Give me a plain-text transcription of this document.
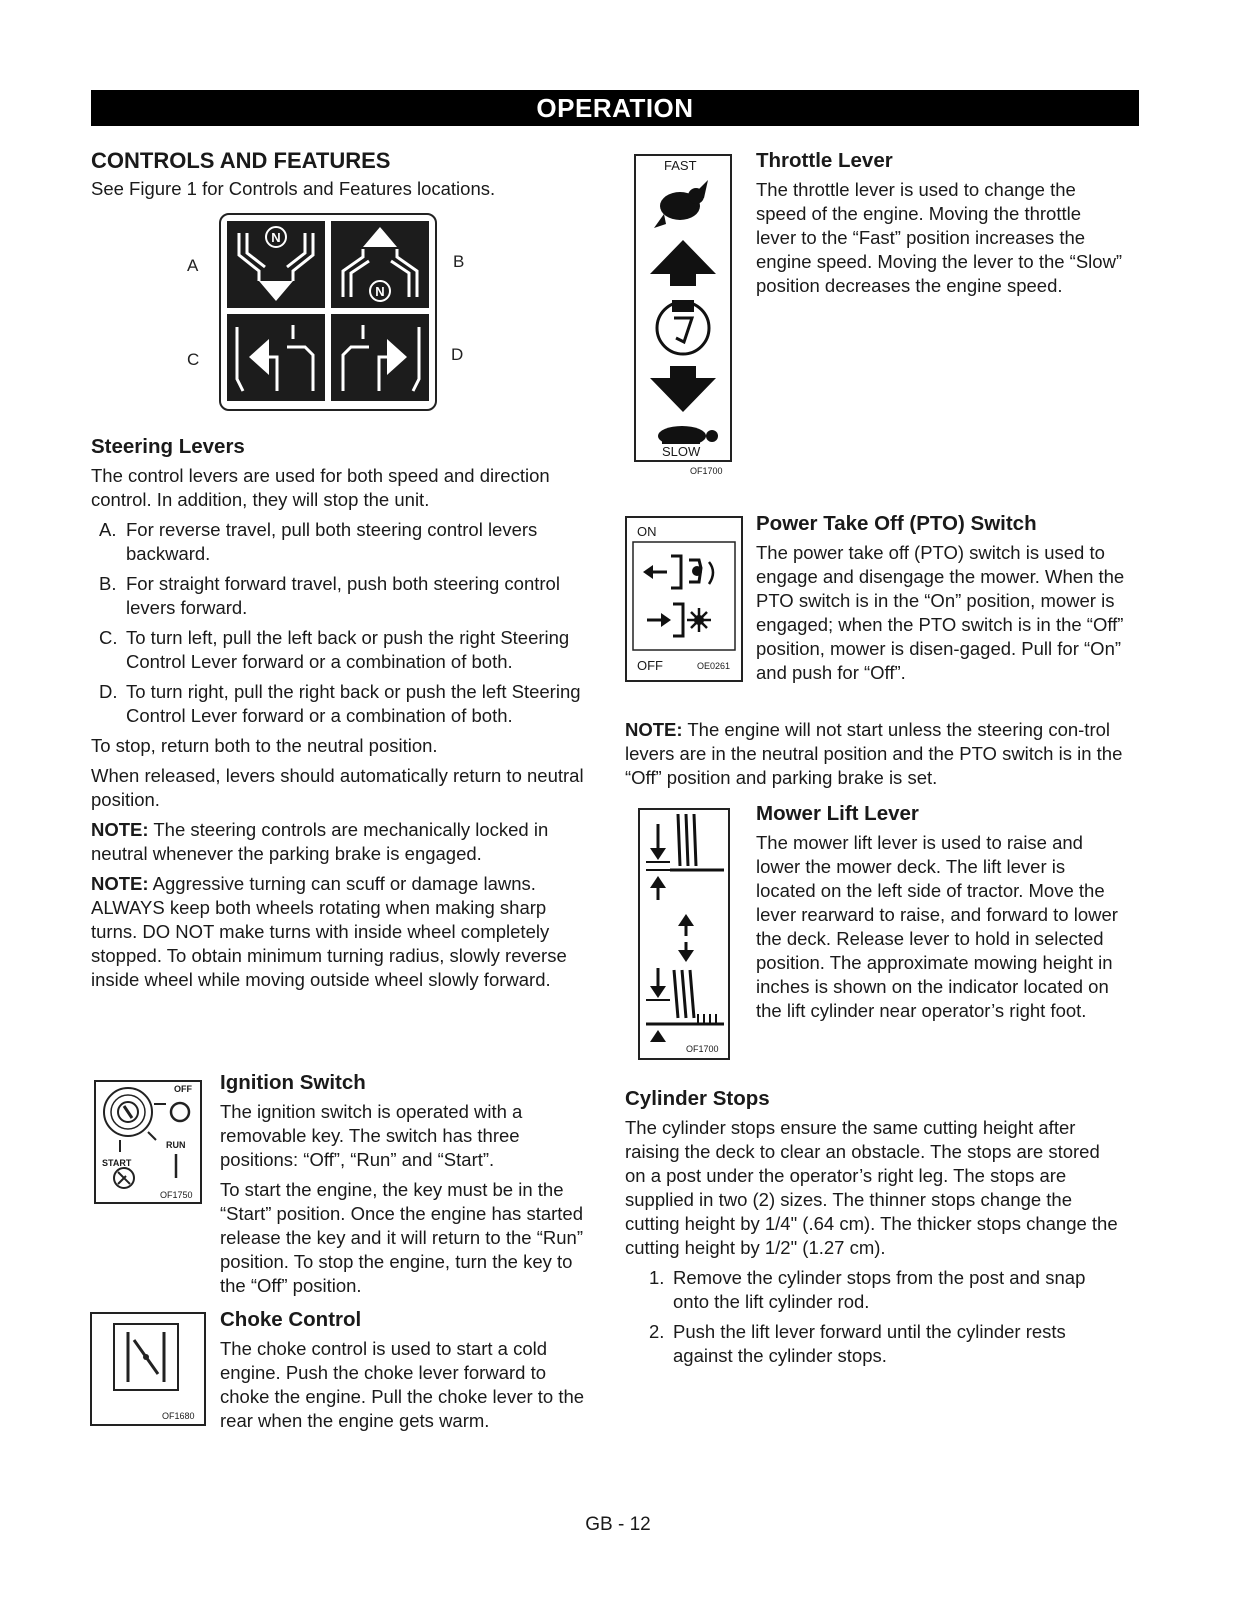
OPERATION
CONTROLS AND FEATURES
See Figure 1 for Controls and Features locations.
A	B
C	D
N
N
Steering Levers
The control levers are used for both speed and direction control. In addition, they will stop the unit.
A. For reverse travel, pull both steering control levers backward.
B. For straight forward travel, push both steering control levers forward.
C. To turn left, pull the left back or push the right Steering Control Lever forward or a combination of both.
D. To turn right, pull the right back or push the left Steering Control Lever forward or a combination of both.
To stop, return both to the neutral position.
When released, levers should automatically return to neutral position.
NOTE: The steering controls are mechanically locked in neutral whenever the parking brake is engaged.
NOTE: Aggressive turning can scuff or damage lawns. ALWAYS keep both wheels rotating when making sharp turns. DO NOT make turns with inside wheel completely stopped. To obtain minimum turning radius, slowly reverse inside wheel while moving outside wheel slowly forward.
OFF
RUN
START
OF1750
Ignition Switch
The ignition switch is operated with a removable key. The switch has three positions: “Off”, “Run” and “Start”.
To start the engine, the key must be in the “Start” position. Once the engine has started release the key and it will return to the “Run” position. To stop the engine, turn the key to the “Off” position.
OF1680
Choke Control
The choke control is used to start a cold engine. Push the choke lever forward to choke the engine. Pull the choke lever to the rear when the engine gets warm.
FAST
SLOW
OF1700
Throttle Lever
The throttle lever is used to change the speed of the engine. Moving the throttle lever to the “Fast” position increases the engine speed. Moving the lever to the “Slow” position decreases the engine speed.
ON
OFF	OE0261
Power Take Off (PTO) Switch
The power take off (PTO) switch is used to engage and disengage the mower. When the PTO switch is in the “On” position, mower is engaged; when the PTO switch is in the “Off” position, mower is disen-gaged. Pull for “On” and push for “Off”.
NOTE: The engine will not start unless the steering con-trol levers are in the neutral position and the PTO switch is in the “Off” position and parking brake is set.
OF1700
Mower Lift Lever
The mower lift lever is used to raise and lower the mower deck. The lift lever is located on the left side of tractor. Move the lever rearward to raise, and forward to lower the deck. Release lever to hold in selected position. The approximate mowing height in inches is shown on the indicator located on the lift cylinder near operator’s right foot.
Cylinder Stops
The cylinder stops ensure the same cutting height after raising the deck to clear an obstacle. The stops are stored on a post under the operator’s right leg. The stops are supplied in two (2) sizes. The thinner stops change the cutting height by 1/4" (.64 cm). The thicker stops change the cutting height by 1/2" (1.27 cm).
1. Remove the cylinder stops from the post and snap onto the lift cylinder rod.
2. Push the lift lever forward until the cylinder rests against the cylinder stops.
GB - 12
